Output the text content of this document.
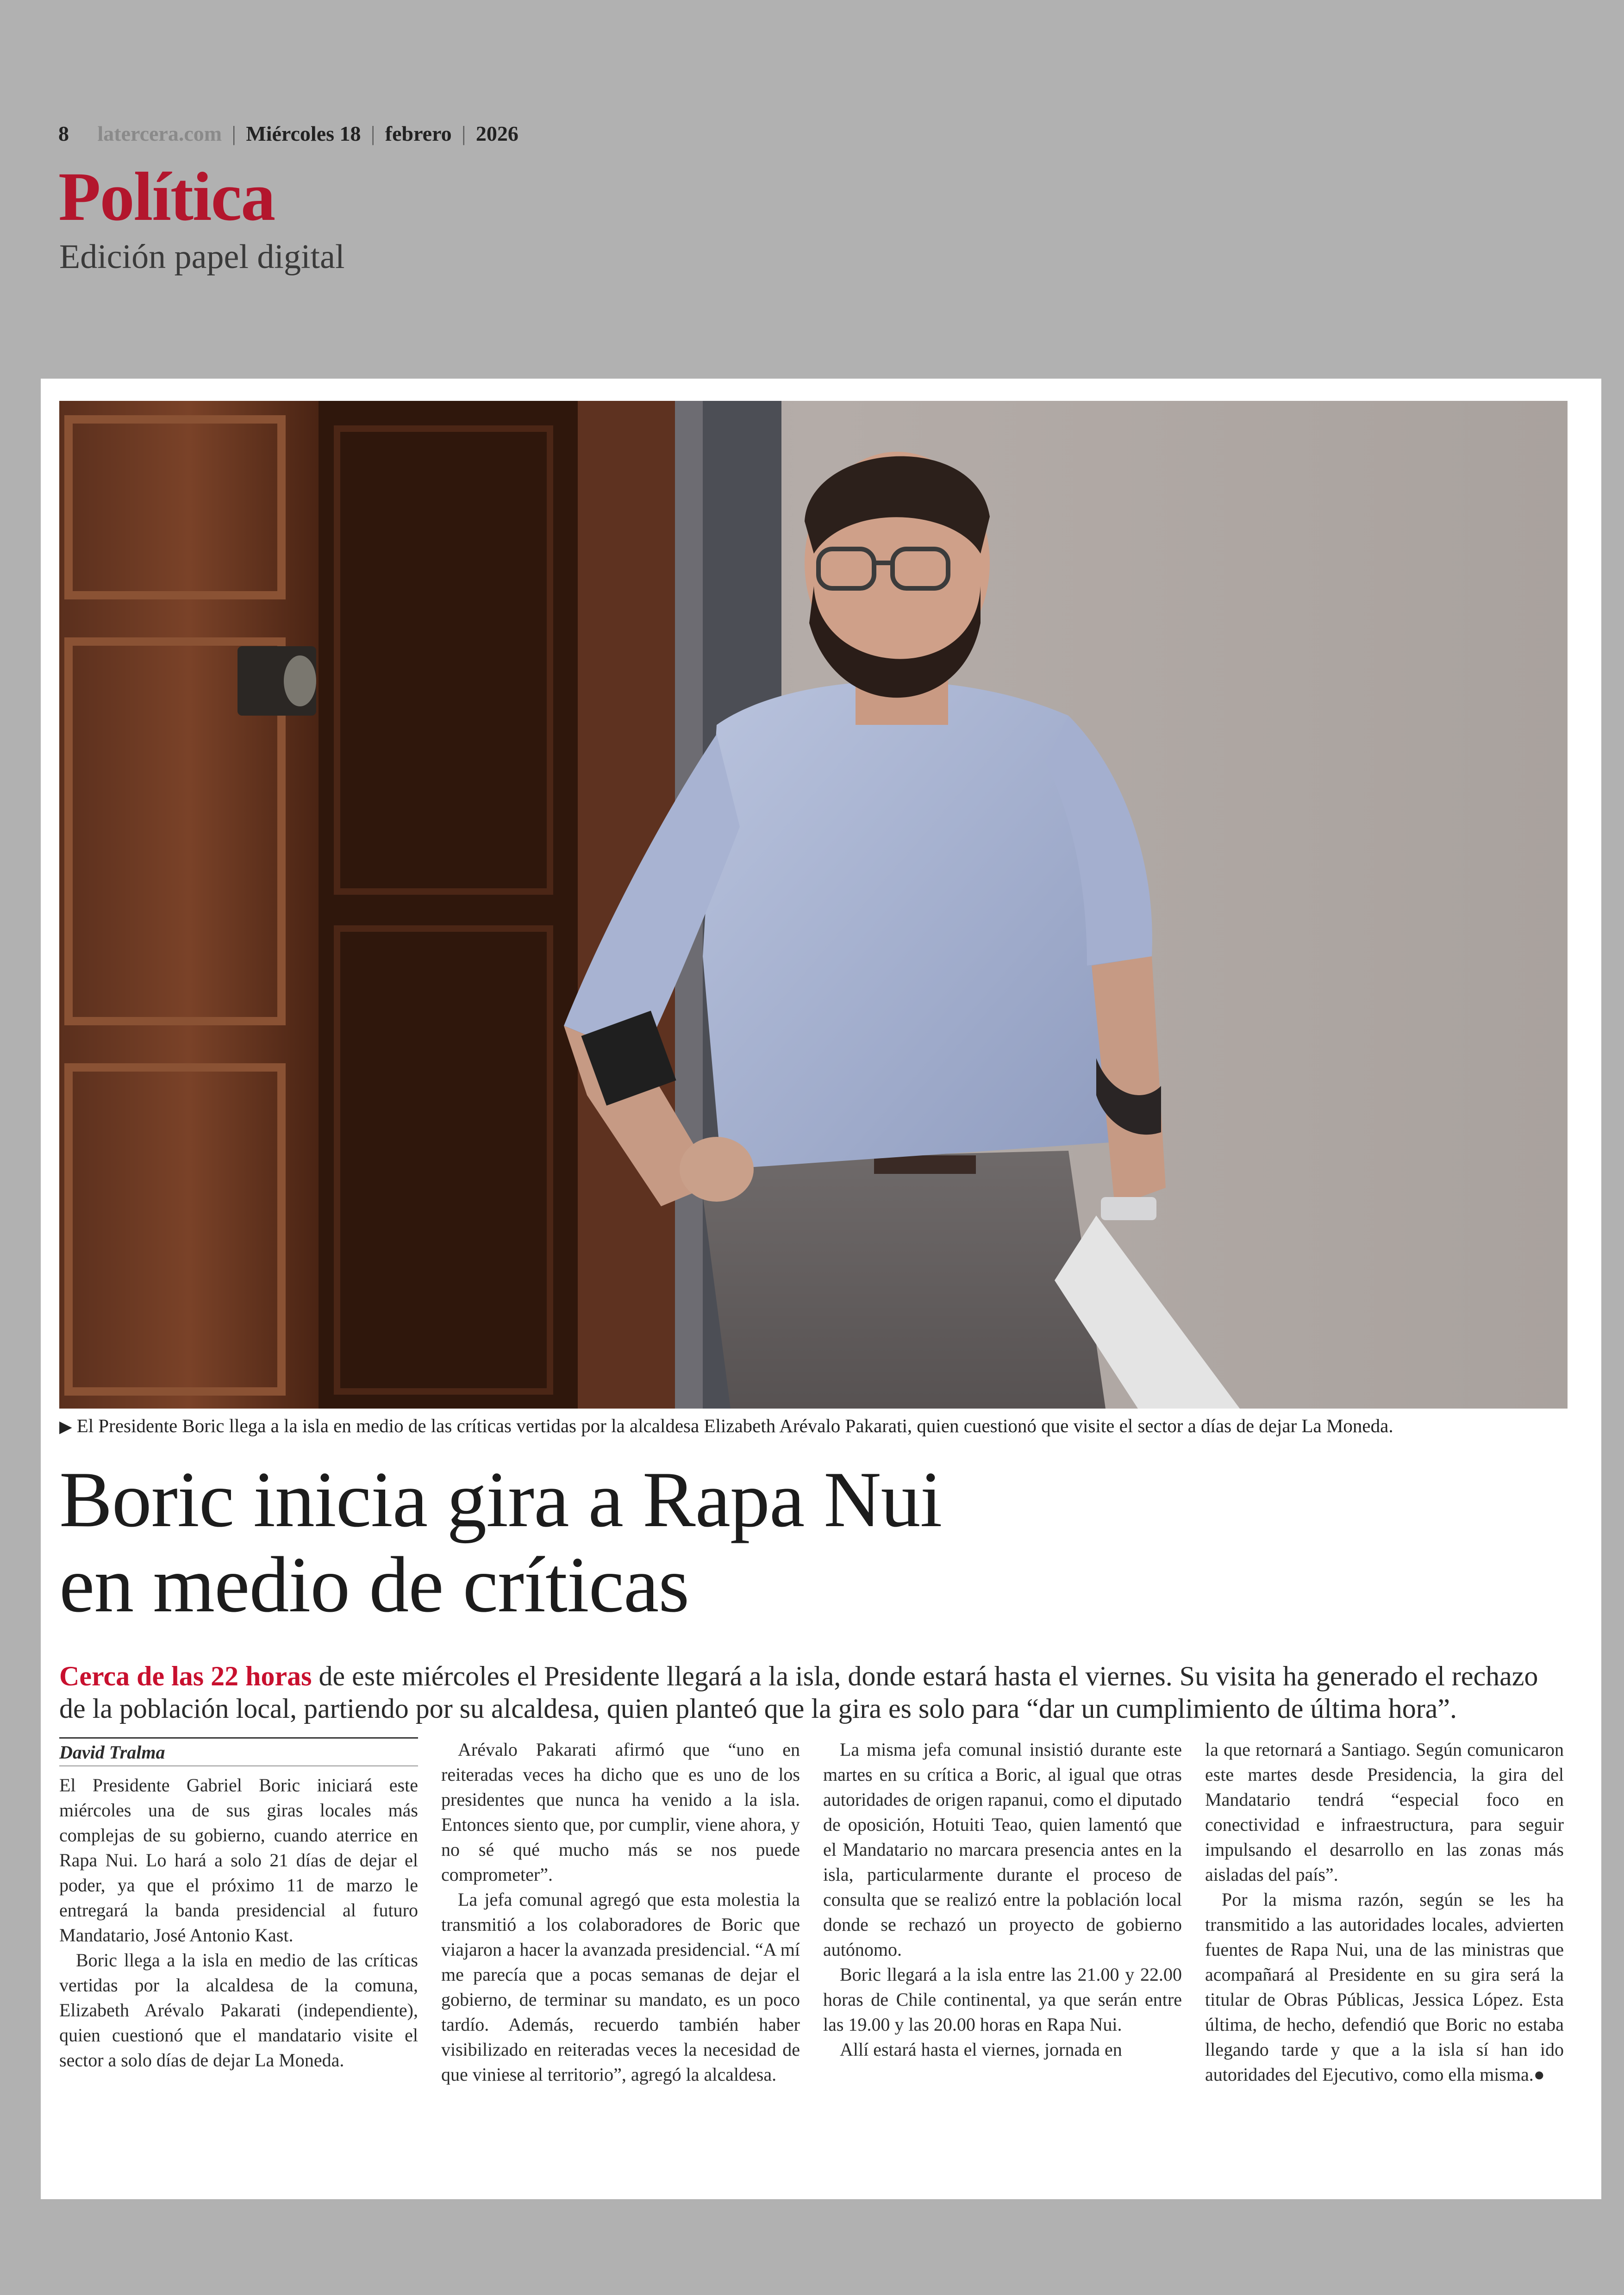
8 latercera.com | Miércoles 18 | febrero | 2026
Política
Edición papel digital
▶ El Presidente Boric llega a la isla en medio de las críticas vertidas por la alcaldesa Elizabeth Arévalo Pakarati, quien cuestionó que visite el sector a días de dejar La Moneda.
Boric inicia gira a Rapa Nui
en medio de críticas
Cerca de las 22 horas de este miércoles el Presidente llegará a la isla, donde estará hasta el viernes. Su visita ha generado el rechazo de la población local, partiendo por su alcaldesa, quien planteó que la gira es solo para “dar un cumplimiento de última hora”.
David Tralma

El Presidente Gabriel Boric iniciará este miércoles una de sus giras locales más complejas de su gobierno, cuando aterrice en Rapa Nui. Lo hará a solo 21 días de dejar el poder, ya que el próximo 11 de marzo le entregará la banda presidencial al futuro Mandatario, José Antonio Kast.

Boric llega a la isla en medio de las críticas vertidas por la alcaldesa de la comuna, Elizabeth Arévalo Pakarati (independiente), quien cuestionó que el mandatario visite el sector a solo días de dejar La Moneda.

Arévalo Pakarati afirmó que “uno en reiteradas veces ha dicho que es uno de los presidentes que nunca ha venido a la isla. Entonces siento que, por cumplir, viene ahora, y no sé qué mucho más se nos puede comprometer”.

La jefa comunal agregó que esta molestia la transmitió a los colaboradores de Boric que viajaron a hacer la avanzada presidencial. “A mí me parecía que a pocas semanas de dejar el gobierno, de terminar su mandato, es un poco tardío. Además, recuerdo también haber visibilizado en reiteradas veces la necesidad de que viniese al territorio”, agregó la alcaldesa.

La misma jefa comunal insistió durante este martes en su crítica a Boric, al igual que otras autoridades de origen rapanui, como el diputado de oposición, Hotuiti Teao, quien lamentó que el Mandatario no marcara presencia antes en la isla, particularmente durante el proceso de consulta que se realizó entre la población local donde se rechazó un proyecto de gobierno autónomo.

Boric llegará a la isla entre las 21.00 y 22.00 horas de Chile continental, ya que serán entre las 19.00 y las 20.00 horas en Rapa Nui.

Allí estará hasta el viernes, jornada en

la que retornará a Santiago. Según comunicaron este martes desde Presidencia, la gira del Mandatario tendrá “especial foco en conectividad e infraestructura, para seguir impulsando el desarrollo en las zonas más aisladas del país”.

Por la misma razón, según se les ha transmitido a las autoridades locales, advierten fuentes de Rapa Nui, una de las ministras que acompañará al Presidente en su gira será la titular de Obras Públicas, Jessica López. Esta última, de hecho, defendió que Boric no estaba llegando tarde y que a la isla sí han ido autoridades del Ejecutivo, como ella misma.●
